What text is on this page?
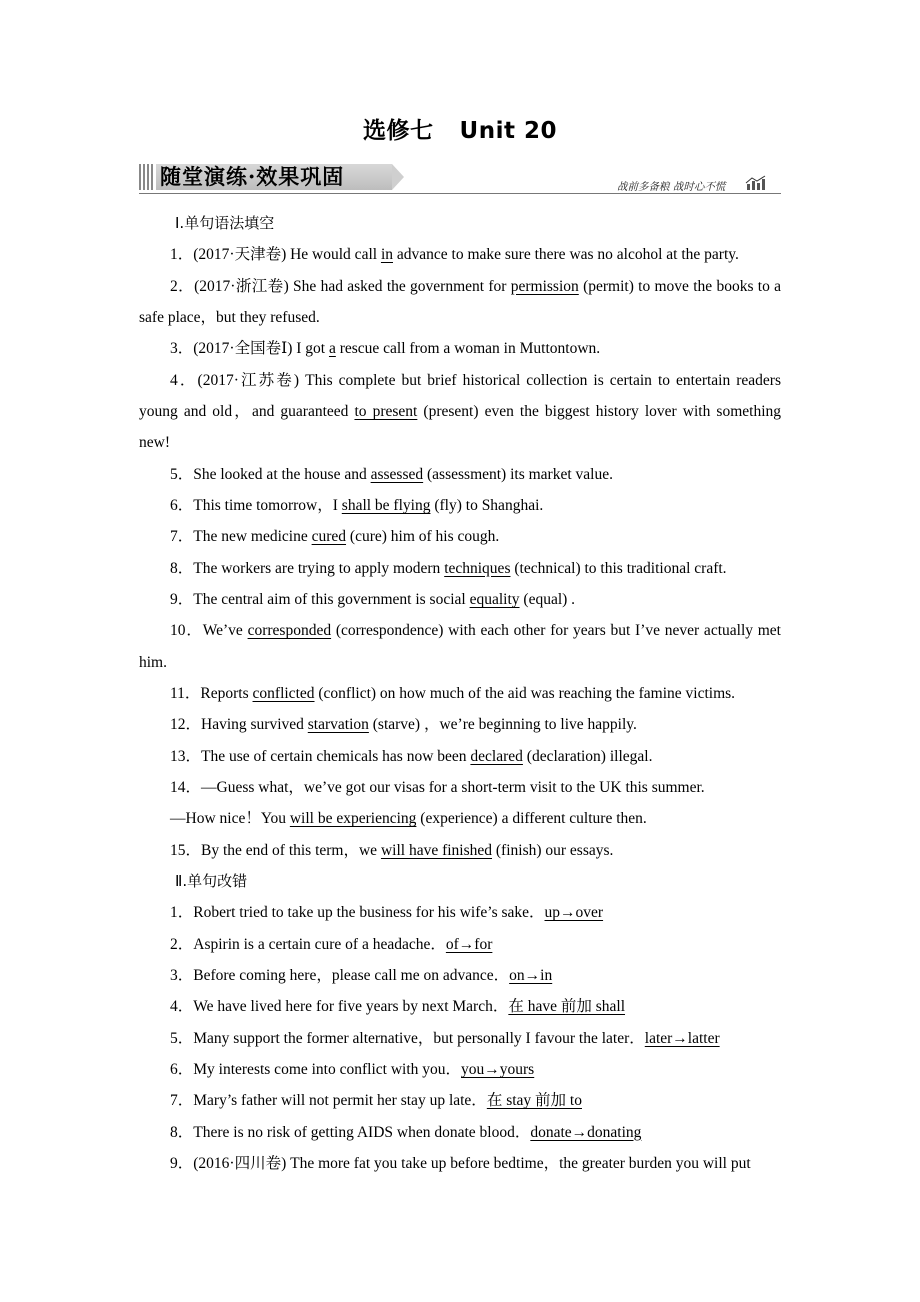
选修七 Unit 20
随堂演练·效果巩固	战前多备粮 战时心不慌

Ⅰ.单句语法填空

1．(2017·天津卷) He would call in advance to make sure there was no alcohol at the party.

2．(2017·浙江卷) She had asked the government for permission (permit) to move the books to a safe place，but they refused.

3．(2017·全国卷Ⅰ) I got a rescue call from a woman in Muttontown.

4．(2017·江苏卷) This complete but brief historical collection is certain to entertain readers young and old，and guaranteed to present (present) even the biggest history lover with something new!

5．She looked at the house and assessed (assessment) its market value.

6．This time tomorrow，I shall be flying (fly) to Shanghai.

7．The new medicine cured (cure) him of his cough.

8．The workers are trying to apply modern techniques (technical) to this traditional craft.

9．The central aim of this government is social equality (equal) .

10．We’ve corresponded (correspondence) with each other for years but I’ve never actually met him.

11．Reports conflicted (conflict) on how much of the aid was reaching the famine victims.

12．Having survived starvation (starve) ，we’re beginning to live happily.

13．The use of certain chemicals has now been declared (declaration) illegal.

14．—Guess what，we’ve got our visas for a short-term visit to the UK this summer.

—How nice！You will be experiencing (experience) a different culture then.

15．By the end of this term，we will have finished (finish) our essays.

Ⅱ.单句改错

1．Robert tried to take up the business for his wife’s sake．up→over

2．Aspirin is a certain cure of a headache．of→for

3．Before coming here，please call me on advance．on→in

4．We have lived here for five years by next March．在 have 前加 shall

5．Many support the former alternative，but personally I favour the later．later→latter

6．My interests come into conflict with you．you→yours

7．Mary’s father will not permit her stay up late．在 stay 前加 to

8．There is no risk of getting AIDS when donate blood．donate→donating

9．(2016·四川卷) The more fat you take up before bedtime，the greater burden you will put
